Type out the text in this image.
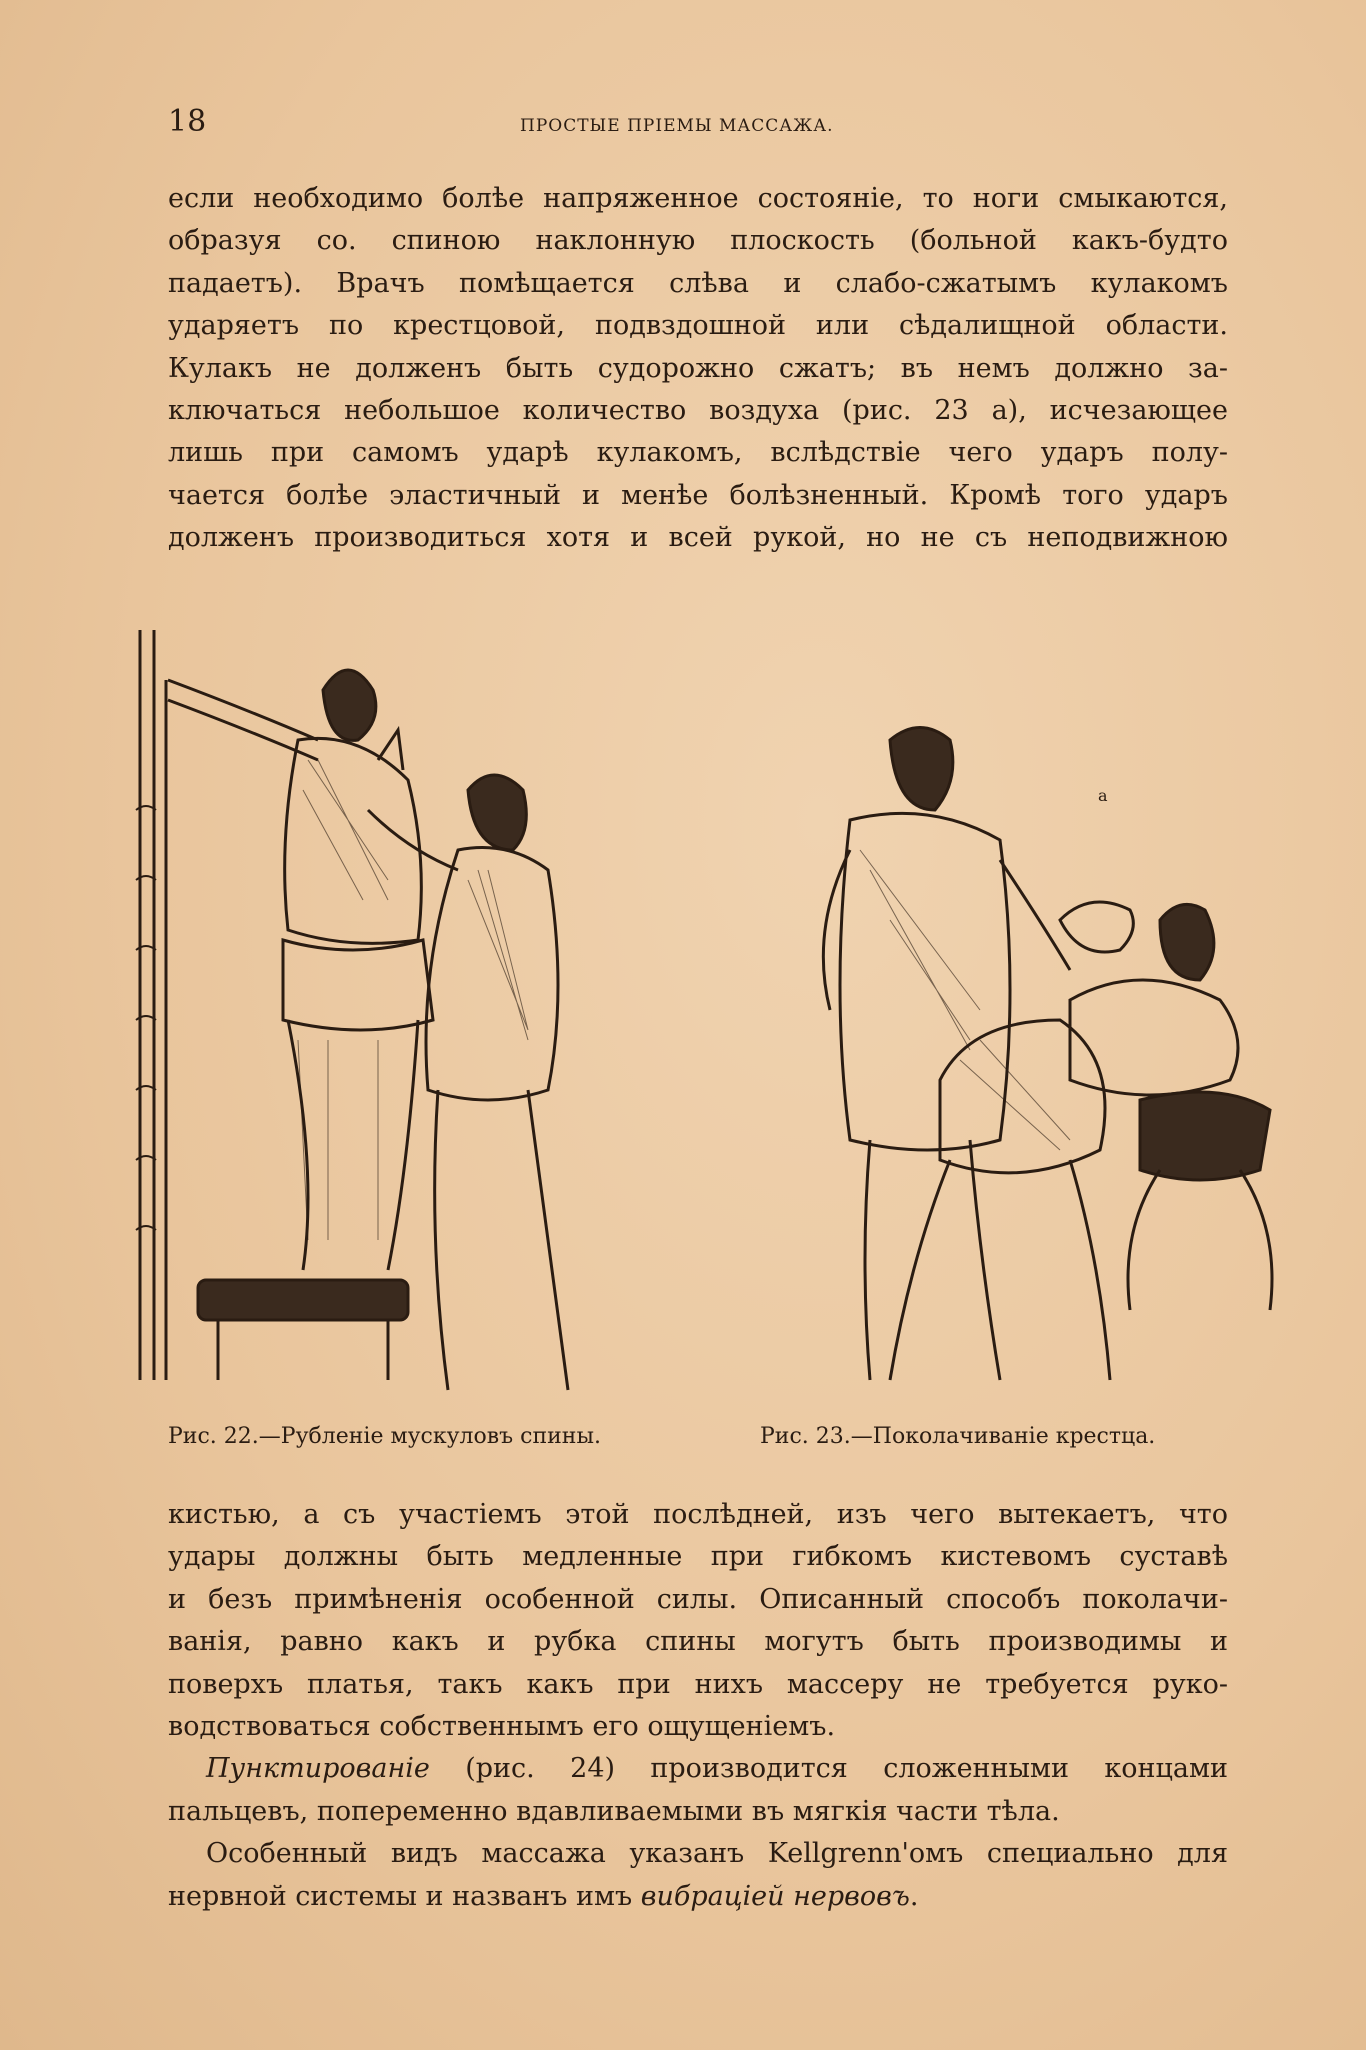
18	ПРОСТЫЕ ПРІЕМЫ МАССАЖА.
если необходимо болѣе напряженное состояніе, то ноги смыкаются,
образуя со. спиною наклонную плоскость (больной какъ-будто
падаетъ). Врачъ помѣщается слѣва и слабо-сжатымъ кулакомъ
ударяетъ по крестцовой, подвздошной или сѣдалищной области.
Кулакъ не долженъ быть судорожно сжатъ; въ немъ должно за-
ключаться небольшое количество воздуха (рис. 23 а), исчезающее
лишь при самомъ ударѣ кулакомъ, вслѣдствіе чего ударъ полу-
чается болѣе эластичный и менѣе болѣзненный. Кромѣ того ударъ
долженъ производиться хотя и всей рукой, но не съ неподвижною
а
Рис. 22.—Рубленіе мускуловъ спины.	Рис. 23.—Поколачиваніе крестца.
кистью, а съ участіемъ этой послѣдней, изъ чего вытекаетъ, что
удары должны быть медленные при гибкомъ кистевомъ суставѣ
и безъ примѣненія особенной силы. Описанный способъ поколачи-
ванія, равно какъ и рубка спины могутъ быть производимы и
поверхъ платья, такъ какъ при нихъ массеру не требуется руко-
водствоваться собственнымъ его ощущеніемъ.
Пунктированіе (рис. 24) производится сложенными концами
пальцевъ, попеременно вдавливаемыми въ мягкія части тѣла.
Особенный видъ массажа указанъ Kellgrenn'омъ специально для
нервной системы и названъ имъ вибраціей нервовъ.
